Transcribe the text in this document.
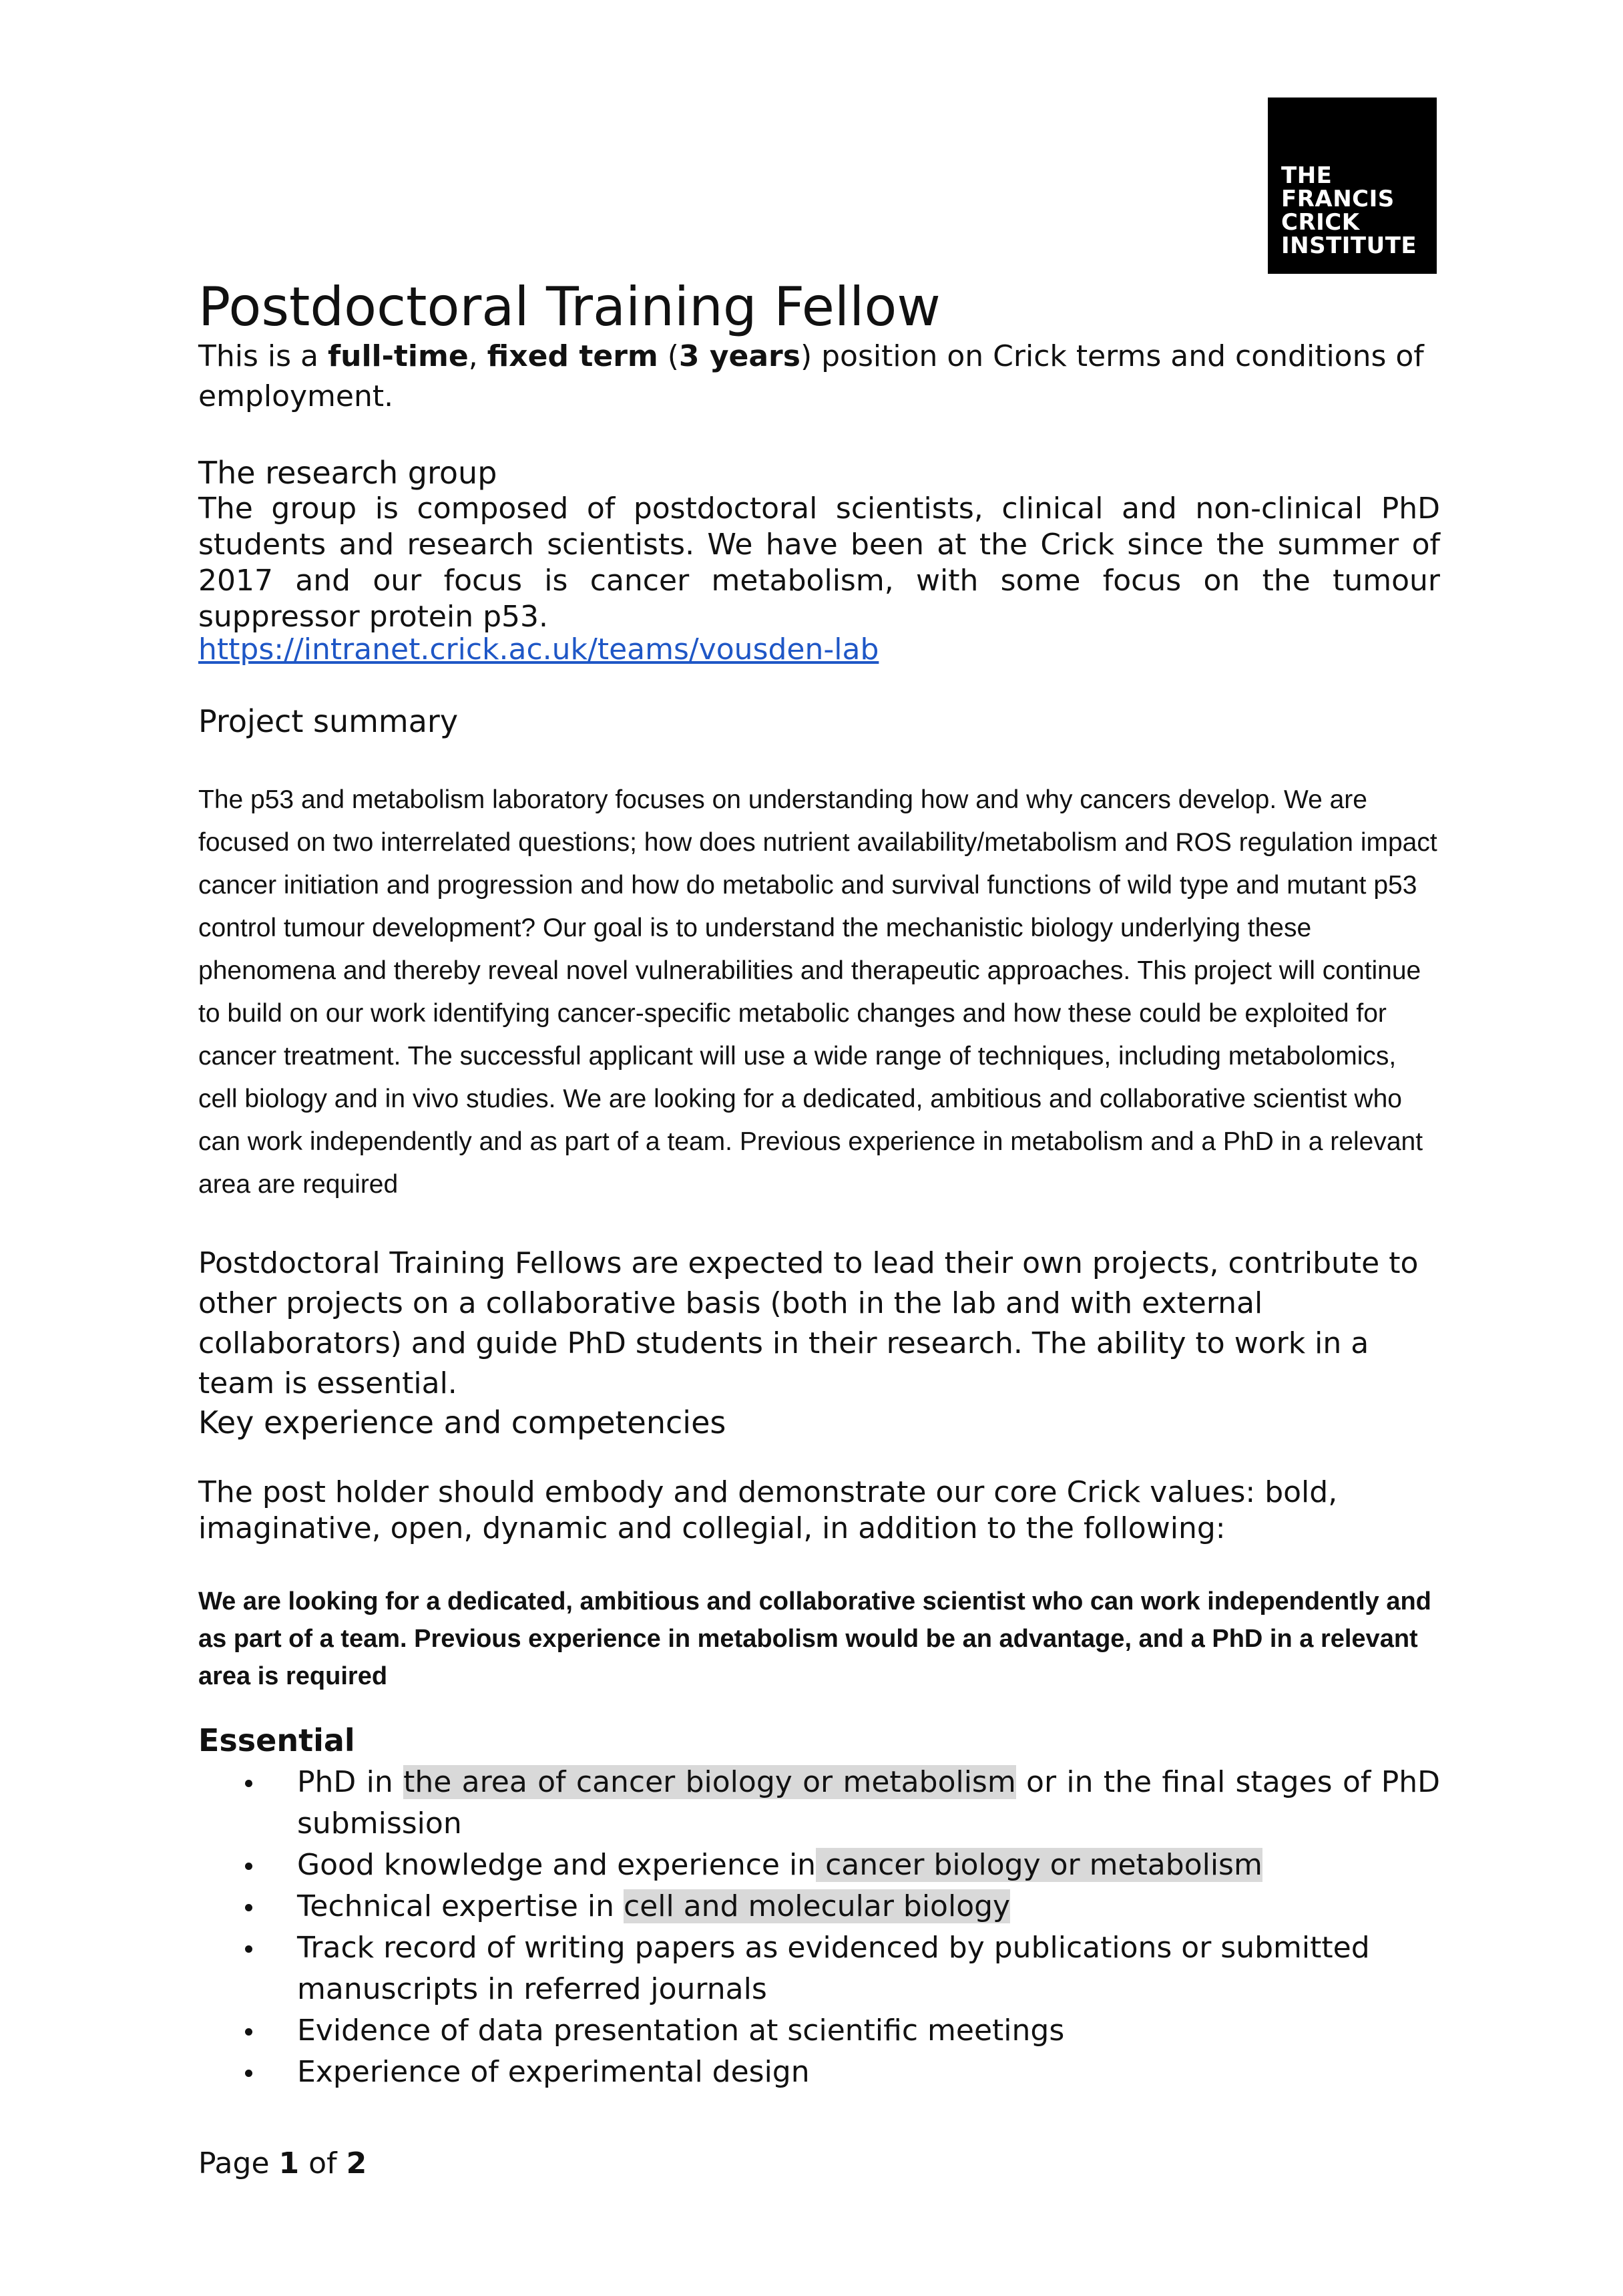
THE
FRANCIS
CRICK
INSTITUTE
Postdoctoral Training Fellow

This is a full-time, fixed term (3 years) position on Crick terms and conditions of employment.

The research group

The group is composed of postdoctoral scientists, clinical and non-clinical PhD students and research scientists. We have been at the Crick since the summer of 2017 and our focus is cancer metabolism, with some focus on the tumour suppressor protein p53.

https://intranet.crick.ac.uk/teams/vousden-lab
Project summary

The p53 and metabolism laboratory focuses on understanding how and why cancers develop. We are focused on two interrelated questions; how does nutrient availability/metabolism and ROS regulation impact cancer initiation and progression and how do metabolic and survival functions of wild type and mutant p53 control tumour development? Our goal is to understand the mechanistic biology underlying these phenomena and thereby reveal novel vulnerabilities and therapeutic approaches. This project will continue to build on our work identifying cancer-specific metabolic changes and how these could be exploited for cancer treatment. The successful applicant will use a wide range of techniques, including metabolomics, cell biology and in vivo studies. We are looking for a dedicated, ambitious and collaborative scientist who can work independently and as part of a team. Previous experience in metabolism and a PhD in a relevant area are required

Postdoctoral Training Fellows are expected to lead their own projects, contribute to other projects on a collaborative basis (both in the lab and with external collaborators) and guide PhD students in their research. The ability to work in a team is essential.

Key experience and competencies

The post holder should embody and demonstrate our core Crick values: bold, imaginative, open, dynamic and collegial, in addition to the following:

We are looking for a dedicated, ambitious and collaborative scientist who can work independently and as part of a team. Previous experience in metabolism would be an advantage, and a PhD in a relevant area is required

Essential
PhD in the area of cancer biology or metabolism or in the final stages of PhD submission
Good knowledge and experience in cancer biology or metabolism
Technical expertise in cell and molecular biology
Track record of writing papers as evidenced by publications or submitted manuscripts in referred journals
Evidence of data presentation at scientific meetings
Experience of experimental design
Page 1 of 2
